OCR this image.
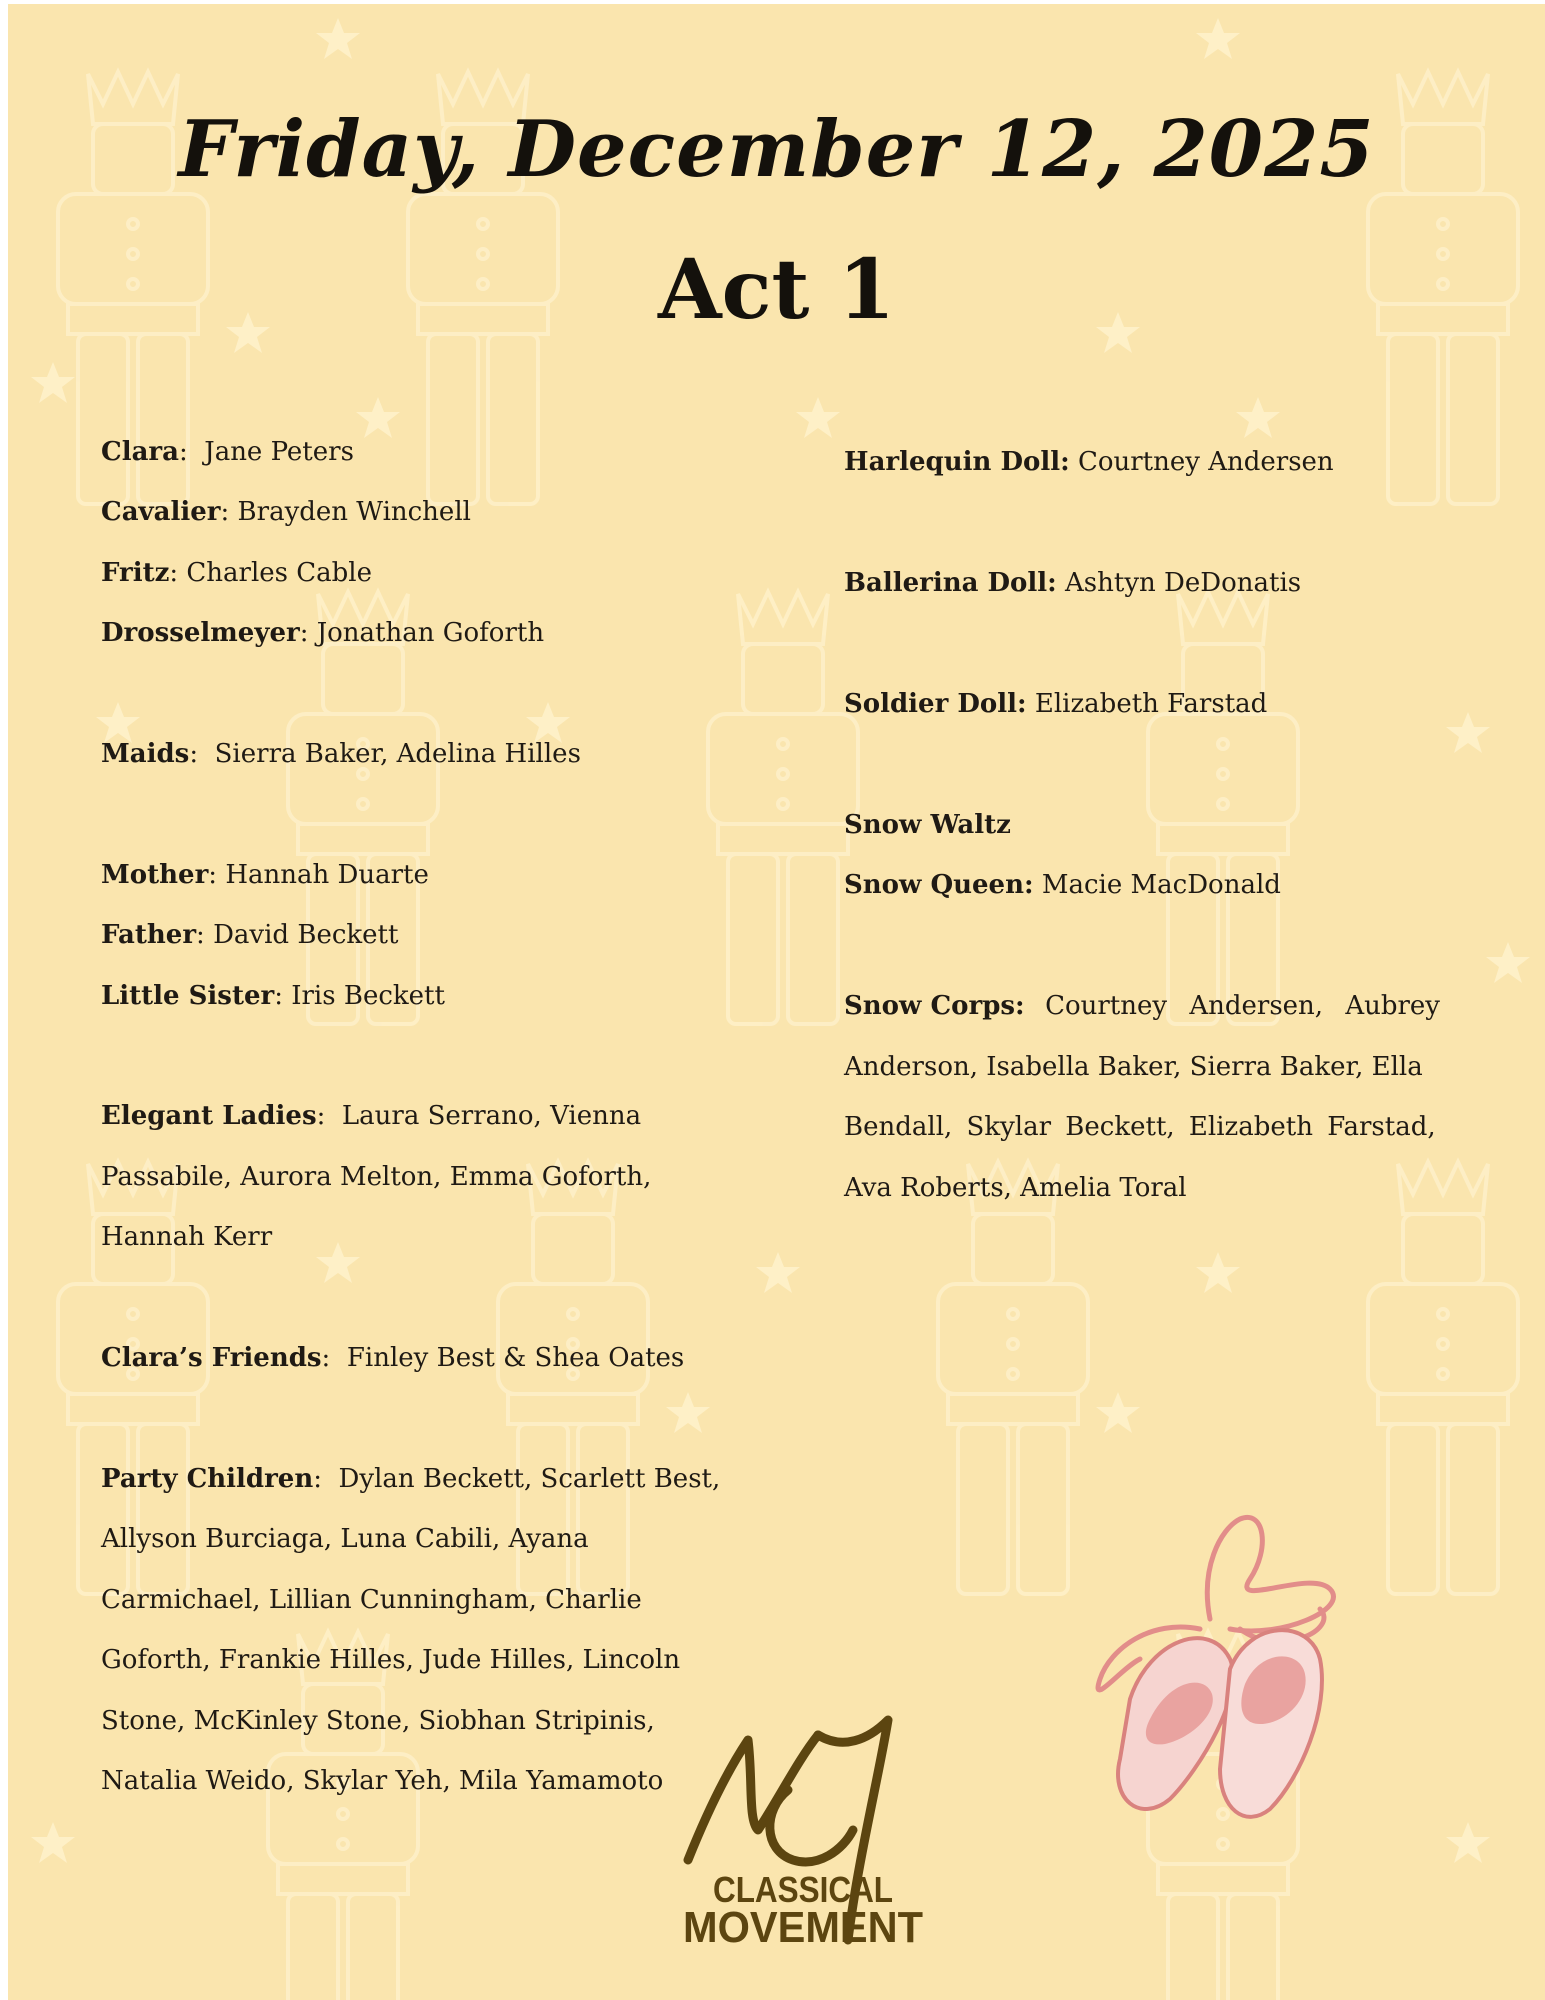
Friday, December 12, 2025
Act 1

Clara:  Jane Peters

Cavalier: Brayden Winchell

Fritz: Charles Cable

Drosselmeyer: Jonathan Goforth

Maids:  Sierra Baker, Adelina Hilles

Mother: Hannah Duarte

Father: David Beckett

Little Sister: Iris Beckett

Elegant Ladies:  Laura Serrano, Vienna

Passabile, Aurora Melton, Emma Goforth,

Hannah Kerr

Clara’s Friends:  Finley Best & Shea Oates

Party Children:  Dylan Beckett, Scarlett Best,

Allyson Burciaga, Luna Cabili, Ayana

Carmichael, Lillian Cunningham, Charlie

Goforth, Frankie Hilles, Jude Hilles, Lincoln

Stone, McKinley Stone, Siobhan Stripinis,

Natalia Weido, Skylar Yeh, Mila Yamamoto

Harlequin Doll: Courtney Andersen

Ballerina Doll: Ashtyn DeDonatis

Soldier Doll: Elizabeth Farstad

Snow Waltz

Snow Queen: Macie MacDonald

Snow Corps: Courtney Andersen, Aubrey

Anderson, Isabella Baker, Sierra Baker, Ella

Bendall, Skylar Beckett, Elizabeth Farstad,

Ava Roberts, Amelia Toral

CLASSICAL
MOVEMENT
